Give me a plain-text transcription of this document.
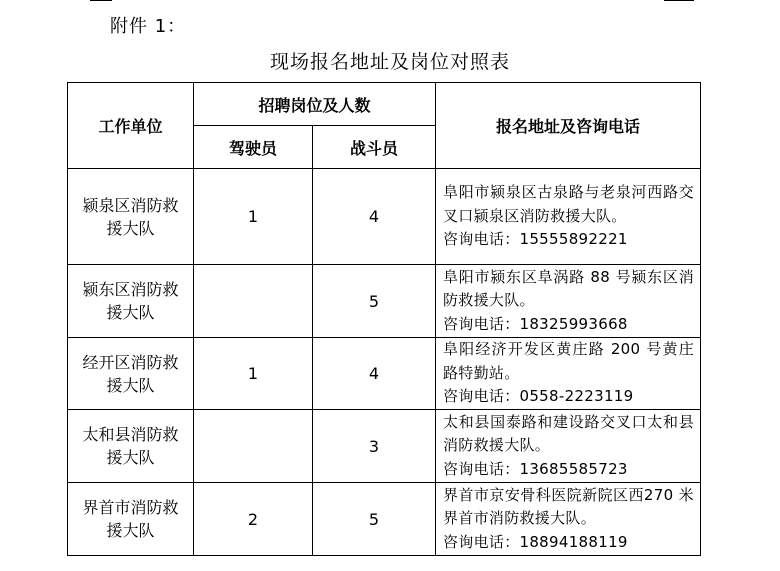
附件 1：
现场报名地址及岗位对照表
工作单位	招聘岗位及人数		报名地址及咨询电话
	驾驶员	战斗员	

颍泉区消防救援大队	1	4	阜阳市颍泉区古泉路与老泉河西路交叉口颍泉区消防救援大队。
咨询电话：15555892221

颍东区消防救援大队		5	阜阳市颍东区阜涡路 88 号颍东区消防救援大队。
咨询电话：18325993668

经开区消防救援大队	1	4	阜阳经济开发区黄庄路 200 号黄庄路特勤站。
咨询电话：0558-2223119

太和县消防救援大队		3	太和县国泰路和建设路交叉口太和县消防救援大队。
咨询电话：13685585723

界首市消防救援大队	2	5	界首市京安骨科医院新院区西270 米界首市消防救援大队。
咨询电话：18894188119
